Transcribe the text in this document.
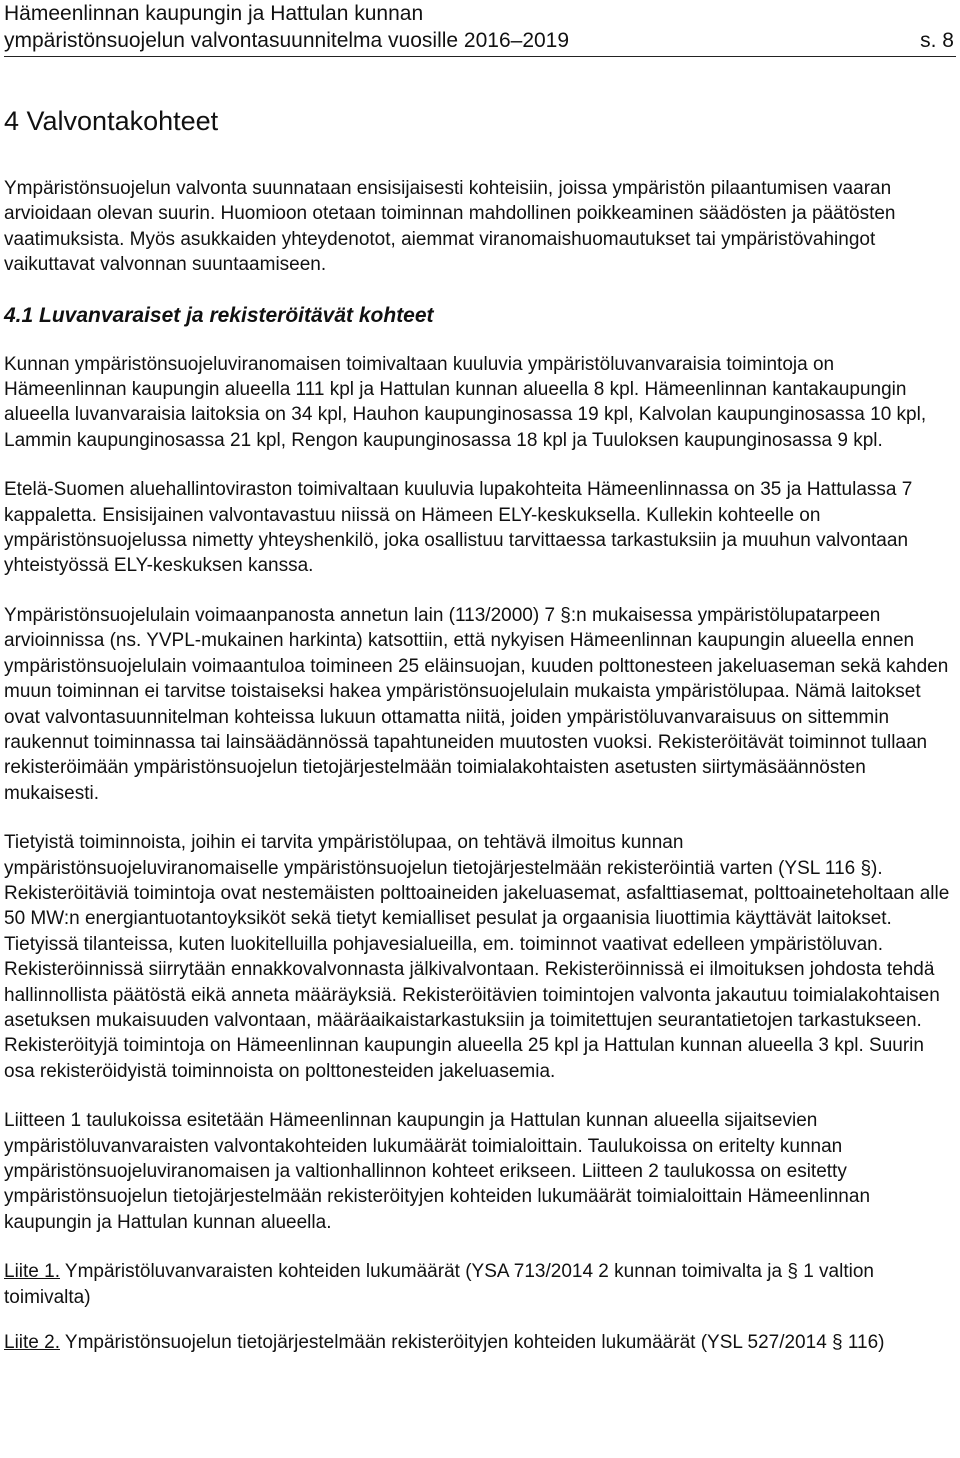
Hämeenlinnan kaupungin ja Hattulan kunnan
ympäristönsuojelun valvontasuunnitelma vuosille 2016–2019	s. 8
4 Valvontakohteet

Ympäristönsuojelun valvonta suunnataan ensisijaisesti kohteisiin, joissa ympäristön pilaantumisen vaaran arvioidaan olevan suurin. Huomioon otetaan toiminnan mahdollinen poikkeaminen säädösten ja päätösten vaatimuksista. Myös asukkaiden yhteydenotot, aiemmat viranomaishuomautukset tai ympäristövahingot vaikuttavat valvonnan suuntaamiseen.

4.1 Luvanvaraiset ja rekisteröitävät kohteet

Kunnan ympäristönsuojeluviranomaisen toimivaltaan kuuluvia ympäristöluvanvaraisia toimintoja on Hämeenlinnan kaupungin alueella 111 kpl ja Hattulan kunnan alueella 8 kpl. Hämeenlinnan kantakaupungin alueella luvanvaraisia laitoksia on 34 kpl, Hauhon kaupunginosassa 19 kpl, Kalvolan kaupunginosassa 10 kpl, Lammin kaupunginosassa 21 kpl, Rengon kaupunginosassa 18 kpl ja Tuuloksen kaupunginosassa 9 kpl.

Etelä-Suomen aluehallintoviraston toimivaltaan kuuluvia lupakohteita Hämeenlinnassa on 35 ja Hattulassa 7 kappaletta. Ensisijainen valvontavastuu niissä on Hämeen ELY-keskuksella. Kullekin kohteelle on ympäristönsuojelussa nimetty yhteyshenkilö, joka osallistuu tarvittaessa tarkastuksiin ja muuhun valvontaan yhteistyössä ELY-keskuksen kanssa.

Ympäristönsuojelulain voimaanpanosta annetun lain (113/2000) 7 §:n mukaisessa ympäristölupatarpeen arvioinnissa (ns. YVPL-mukainen harkinta) katsottiin, että nykyisen Hämeenlinnan kaupungin alueella ennen ympäristönsuojelulain voimaantuloa toimineen 25 eläinsuojan, kuuden polttonesteen jakeluaseman sekä kahden muun toiminnan ei tarvitse toistaiseksi hakea ympäristönsuojelulain mukaista ympäristölupaa. Nämä laitokset ovat valvontasuunnitelman kohteissa lukuun ottamatta niitä, joiden ympäristöluvanvaraisuus on sittemmin raukennut toiminnassa tai lainsäädännössä tapahtuneiden muutosten vuoksi. Rekisteröitävät toiminnot tullaan rekisteröimään ympäristönsuojelun tietojärjestelmään toimialakohtaisten asetusten siirtymäsäännösten mukaisesti.

Tietyistä toiminnoista, joihin ei tarvita ympäristölupaa, on tehtävä ilmoitus kunnan ympäristönsuojeluviranomaiselle ympäristönsuojelun tietojärjestelmään rekisteröintiä varten (YSL 116 §). Rekisteröitäviä toimintoja ovat nestemäisten polttoaineiden jakeluasemat, asfalttiasemat, polttoaineteholtaan alle 50 MW:n energiantuotantoyksiköt sekä tietyt kemialliset pesulat ja orgaanisia liuottimia käyttävät laitokset. Tietyissä tilanteissa, kuten luokitelluilla pohjavesialueilla, em. toiminnot vaativat edelleen ympäristöluvan. Rekisteröinnissä siirrytään ennakkovalvonnasta jälkivalvontaan. Rekisteröinnissä ei ilmoituksen johdosta tehdä hallinnollista päätöstä eikä anneta määräyksiä. Rekisteröitävien toimintojen valvonta jakautuu toimialakohtaisen asetuksen mukaisuuden valvontaan, määräaikaistarkastuksiin ja toimitettujen seurantatietojen tarkastukseen. Rekisteröityjä toimintoja on Hämeenlinnan kaupungin alueella 25 kpl ja Hattulan kunnan alueella 3 kpl. Suurin osa rekisteröidyistä toiminnoista on polttonesteiden jakeluasemia.

Liitteen 1 taulukoissa esitetään Hämeenlinnan kaupungin ja Hattulan kunnan alueella sijaitsevien ympäristöluvanvaraisten valvontakohteiden lukumäärät toimialoittain. Taulukoissa on eritelty kunnan ympäristönsuojeluviranomaisen ja valtionhallinnon kohteet erikseen. Liitteen 2 taulukossa on esitetty ympäristönsuojelun tietojärjestelmään rekisteröityjen kohteiden lukumäärät toimialoittain Hämeenlinnan kaupungin ja Hattulan kunnan alueella.

Liite 1. Ympäristöluvanvaraisten kohteiden lukumäärät (YSA 713/2014 2 kunnan toimivalta ja § 1 valtion toimivalta)

Liite 2. Ympäristönsuojelun tietojärjestelmään rekisteröityjen kohteiden lukumäärät (YSL 527/2014 § 116)
